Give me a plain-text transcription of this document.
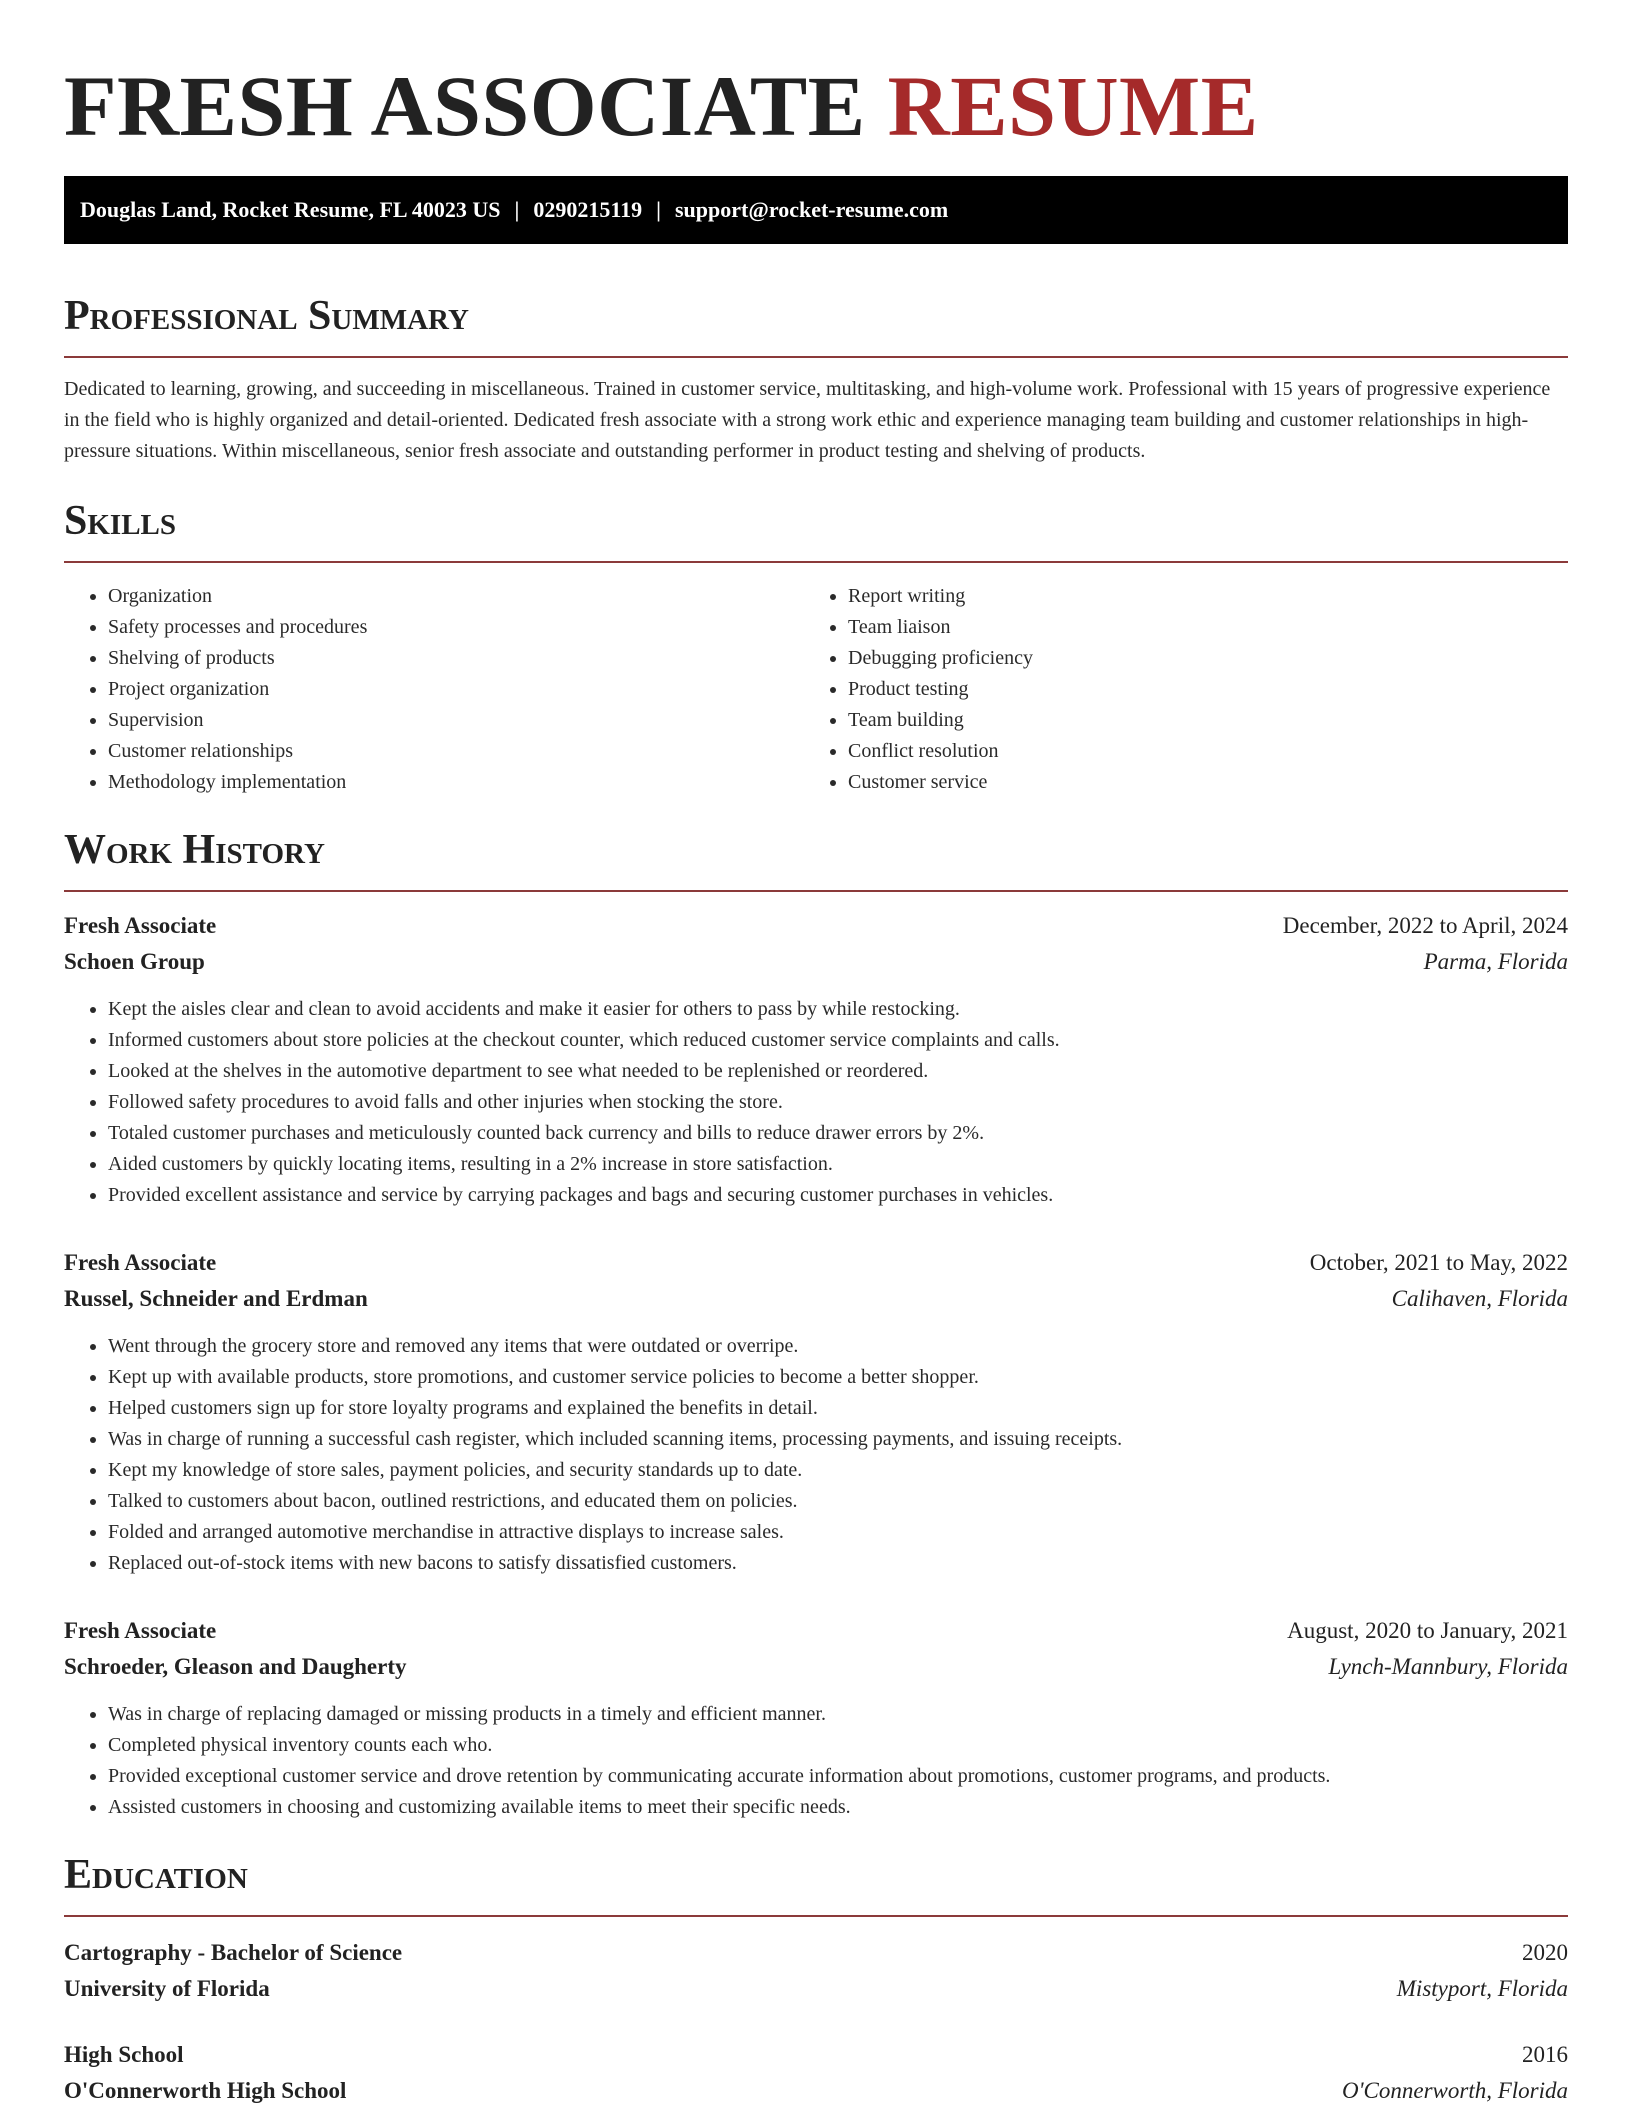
FRESH ASSOCIATE RESUME
Douglas Land, Rocket Resume, FL 40023 US | 0290215119 | support@rocket-resume.com
Professional Summary

Dedicated to learning, growing, and succeeding in miscellaneous. Trained in customer service, multitasking, and high-volume work. Professional with 15 years of progressive experience in the field who is highly organized and detail-oriented. Dedicated fresh associate with a strong work ethic and experience managing team building and customer relationships in high-pressure situations. Within miscellaneous, senior fresh associate and outstanding performer in product testing and shelving of products.

Skills
• Organization
• Safety processes and procedures
• Shelving of products
• Project organization
• Supervision
• Customer relationships
• Methodology implementation
• Report writing
• Team liaison
• Debugging proficiency
• Product testing
• Team building
• Conflict resolution
• Customer service
Work History
Fresh Associate	December, 2022 to April, 2024
Schoen Group	Parma, Florida
• Kept the aisles clear and clean to avoid accidents and make it easier for others to pass by while restocking.
• Informed customers about store policies at the checkout counter, which reduced customer service complaints and calls.
• Looked at the shelves in the automotive department to see what needed to be replenished or reordered.
• Followed safety procedures to avoid falls and other injuries when stocking the store.
• Totaled customer purchases and meticulously counted back currency and bills to reduce drawer errors by 2%.
• Aided customers by quickly locating items, resulting in a 2% increase in store satisfaction.
• Provided excellent assistance and service by carrying packages and bags and securing customer purchases in vehicles.
Fresh Associate	October, 2021 to May, 2022
Russel, Schneider and Erdman	Calihaven, Florida
• Went through the grocery store and removed any items that were outdated or overripe.
• Kept up with available products, store promotions, and customer service policies to become a better shopper.
• Helped customers sign up for store loyalty programs and explained the benefits in detail.
• Was in charge of running a successful cash register, which included scanning items, processing payments, and issuing receipts.
• Kept my knowledge of store sales, payment policies, and security standards up to date.
• Talked to customers about bacon, outlined restrictions, and educated them on policies.
• Folded and arranged automotive merchandise in attractive displays to increase sales.
• Replaced out-of-stock items with new bacons to satisfy dissatisfied customers.
Fresh Associate	August, 2020 to January, 2021
Schroeder, Gleason and Daugherty	Lynch-Mannbury, Florida
• Was in charge of replacing damaged or missing products in a timely and efficient manner.
• Completed physical inventory counts each who.
• Provided exceptional customer service and drove retention by communicating accurate information about promotions, customer programs, and products.
• Assisted customers in choosing and customizing available items to meet their specific needs.
Education
Cartography - Bachelor of Science	2020
University of Florida	Mistyport, Florida
High School	2016
O'Connerworth High School	O'Connerworth, Florida
